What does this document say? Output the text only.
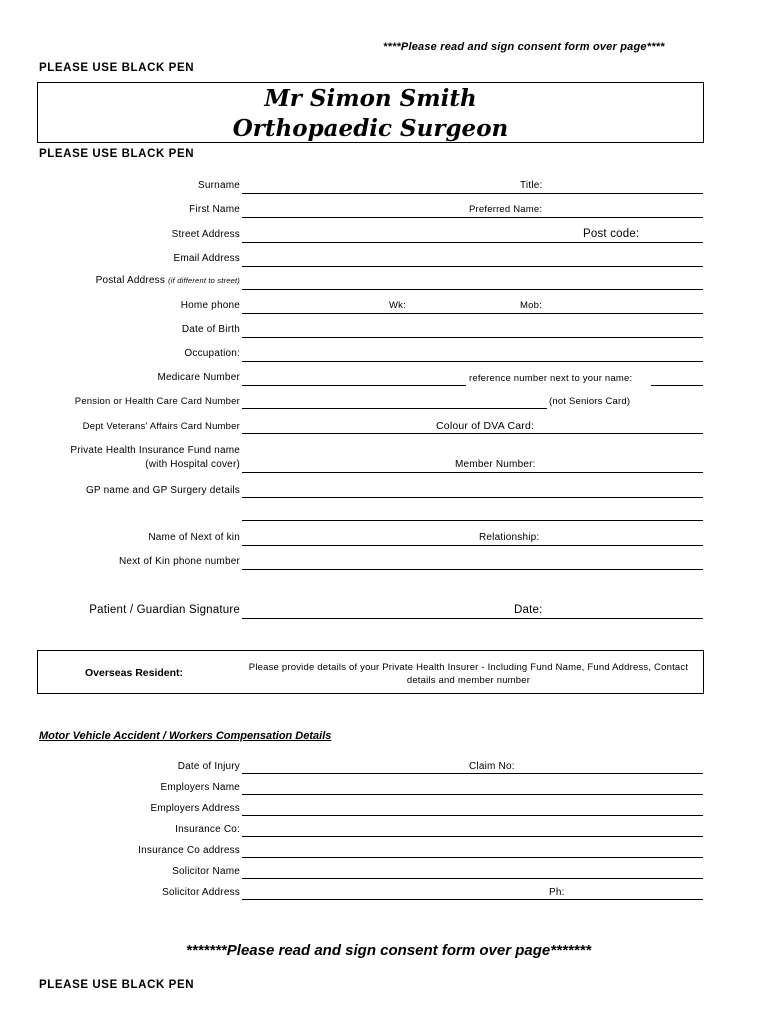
****Please read and sign consent form over page****
PLEASE USE BLACK PEN
Mr Simon Smith
Orthopaedic Surgeon
PLEASE USE BLACK PEN
Surname	Title:
First Name	Preferred Name:
Street Address	Post code:
Email Address
Postal Address (if different to street)
Home phone	Wk:	Mob:
Date of Birth
Occupation:
Medicare Number	reference number next to your name:
Pension or Health Care Card Number	(not Seniors Card)
Dept Veterans' Affairs Card Number	Colour of DVA Card:
Private Health Insurance Fund name
(with Hospital cover)	Member Number:
GP name and GP Surgery details
Name of Next of kin	Relationship:
Next of Kin phone number
Patient / Guardian Signature	Date:
Overseas Resident:	Please provide details of your Private Health Insurer - Including Fund Name, Fund Address, Contact details and member number
Motor Vehicle Accident / Workers Compensation Details
Date of Injury	Claim No:
Employers Name
Employers Address
Insurance Co:
Insurance Co address
Solicitor Name
Solicitor Address	Ph:
*******Please read and sign consent form over page*******
PLEASE USE BLACK PEN
